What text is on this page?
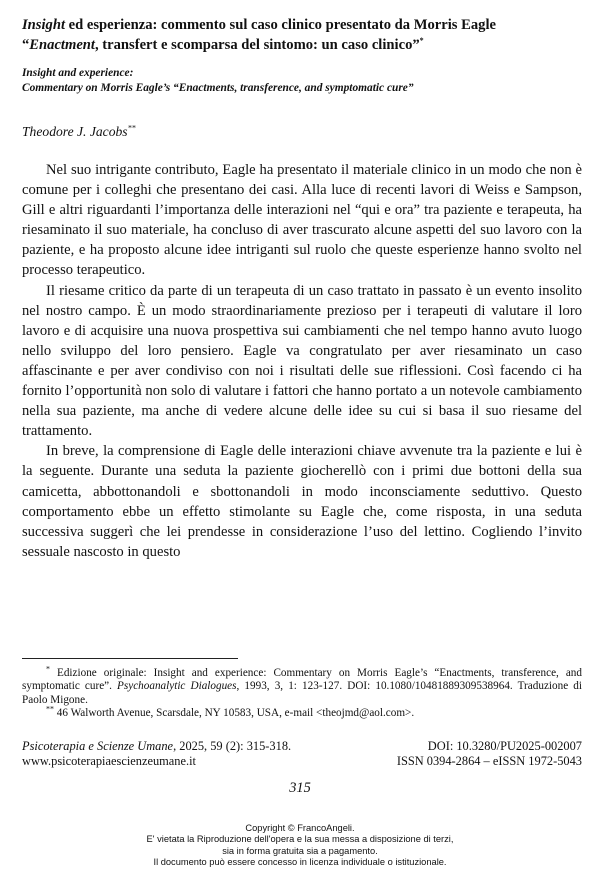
Insight ed esperienza: commento sul caso clinico presentato da Morris Eagle
“Enactment, transfert e scomparsa del sintomo: un caso clinico”*
Insight and experience:
Commentary on Morris Eagle’s “Enactments, transference, and symptomatic cure”
Theodore J. Jacobs**

Nel suo intrigante contributo, Eagle ha presentato il materiale clinico in un modo che non è comune per i colleghi che presentano dei casi. Alla luce di recenti lavori di Weiss e Sampson, Gill e altri riguardanti l’importanza delle interazioni nel “qui e ora” tra paziente e terapeuta, ha riesaminato il suo materiale, ha concluso di aver trascurato alcune aspetti del suo lavoro con la paziente, e ha proposto alcune idee intriganti sul ruolo che queste esperienze hanno svolto nel processo terapeutico.

Il riesame critico da parte di un terapeuta di un caso trattato in passato è un evento insolito nel nostro campo. È un modo straordinariamente prezioso per i terapeuti di valutare il loro lavoro e di acquisire una nuova prospettiva sui cambiamenti che nel tempo hanno avuto luogo nello sviluppo del loro pensiero. Eagle va congratulato per aver riesaminato un caso affascinante e per aver condiviso con noi i risultati delle sue riflessioni. Così facendo ci ha fornito l’opportunità non solo di valutare i fattori che hanno portato a un notevole cambiamento nella sua paziente, ma anche di vedere alcune delle idee su cui si basa il suo riesame del trattamento.

In breve, la comprensione di Eagle delle interazioni chiave avvenute tra la paziente e lui è la seguente. Durante una seduta la paziente giocherellò con i primi due bottoni della sua camicetta, abbottonandoli e sbottonandoli in modo inconsciamente seduttivo. Questo comportamento ebbe un effetto stimolante su Eagle che, come risposta, in una seduta successiva suggerì che lei prendesse in considerazione l’uso del lettino. Cogliendo l’invito sessuale nascosto in questo

* Edizione originale: Insight and experience: Commentary on Morris Eagle’s “Enactments, transference, and symptomatic cure”. Psychoanalytic Dialogues, 1993, 3, 1: 123-127. DOI: 10.1080/10481889309538964. Traduzione di Paolo Migone.

** 46 Walworth Avenue, Scarsdale, NY 10583, USA, e-mail <theojmd@aol.com>.

Psicoterapia e Scienze Umane, 2025, 59 (2): 315-318.	DOI: 10.3280/PU2025-002007
www.psicoterapiaescienzeumane.it	ISSN 0394-2864 – eISSN 1972-5043
315
Copyright © FrancoAngeli.
E' vietata la Riproduzione dell'opera e la sua messa a disposizione di terzi,
sia in forma gratuita sia a pagamento.
Il documento può essere concesso in licenza individuale o istituzionale.
